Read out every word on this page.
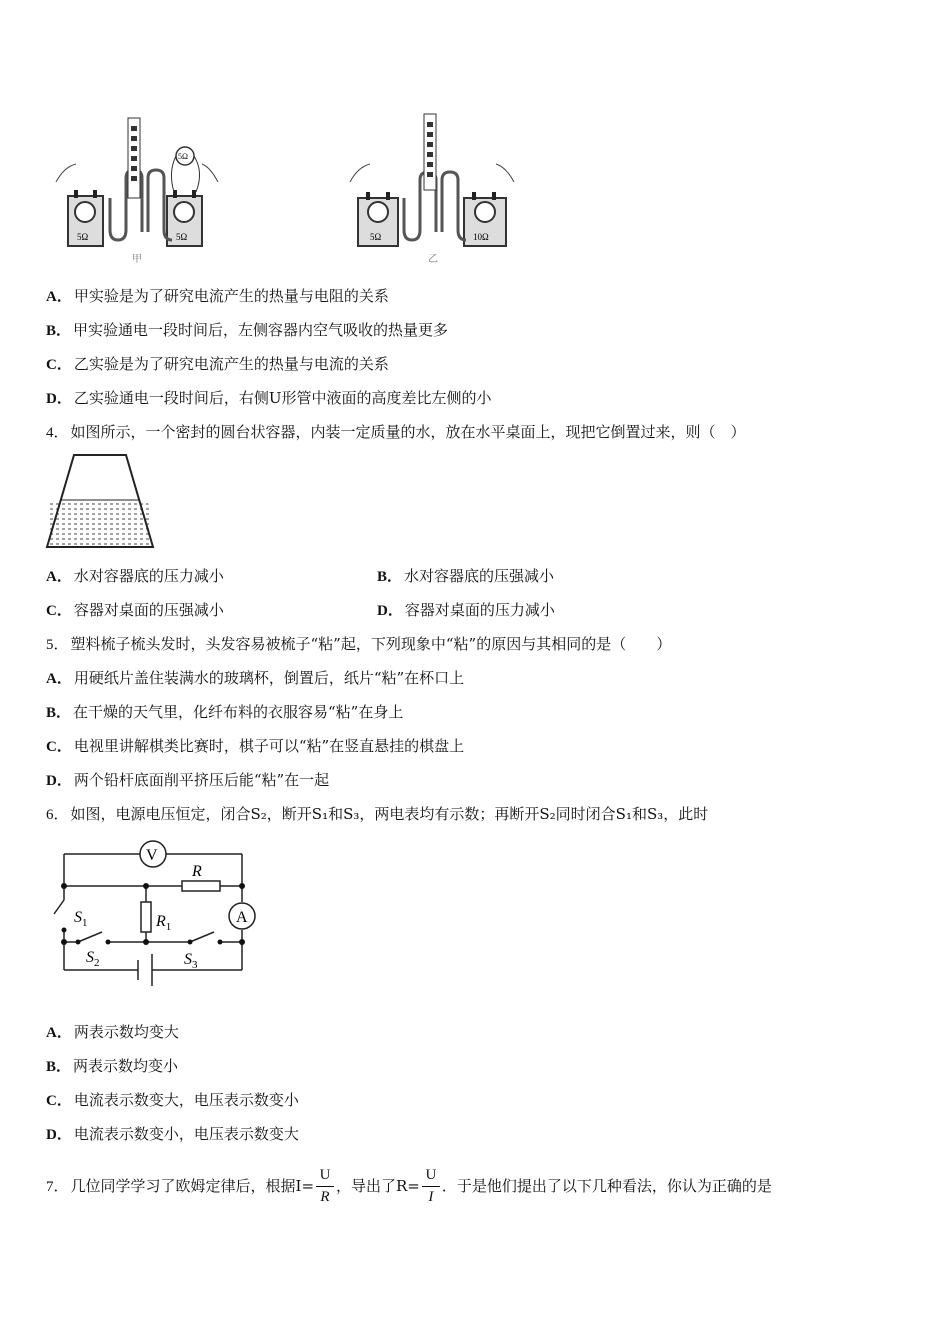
5Ω	5Ω
5Ω
甲
5Ω	10Ω
乙
A． 甲实验是为了研究电流产生的热量与电阻的关系
B． 甲实验通电一段时间后，左侧容器内空气吸收的热量更多
C． 乙实验是为了研究电流产生的热量与电流的关系
D． 乙实验通电一段时间后，右侧U形管中液面的高度差比左侧的小
4． 如图所示，一个密封的圆台状容器，内装一定质量的水，放在水平桌面上，现把它倒置过来，则（　）
A． 水对容器底的压力减小	B． 水对容器底的压强减小
C． 容器对桌面的压强减小	D． 容器对桌面的压力减小
5． 塑料梳子梳头发时，头发容易被梳子“粘”起，下列现象中“粘”的原因与其相同的是（　　）
A． 用硬纸片盖住装满水的玻璃杯，倒置后，纸片“粘”在杯口上
B． 在干燥的天气里，化纤布料的衣服容易“粘”在身上
C． 电视里讲解棋类比赛时，棋子可以“粘”在竖直悬挂的棋盘上
D． 两个铅杆底面削平挤压后能“粘”在一起
6． 如图，电源电压恒定，闭合S₂，断开S₁和S₃，两电表均有示数；再断开S₂同时闭合S₁和S₃，此时
V
A
R
$R_1$
$S_1$
$S_2$	$S_3$
A． 两表示数均变大
B． 两表示数均变小
C． 电流表示数变大，电压表示数变小
D． 电流表示数变小，电压表示数变大
7． 几位同学学习了欧姆定律后，根据$I= \frac{U}{R}$ ，导出了$R= \frac{U}{I}$ ．于是他们提出了以下几种看法，你认为正确的是
